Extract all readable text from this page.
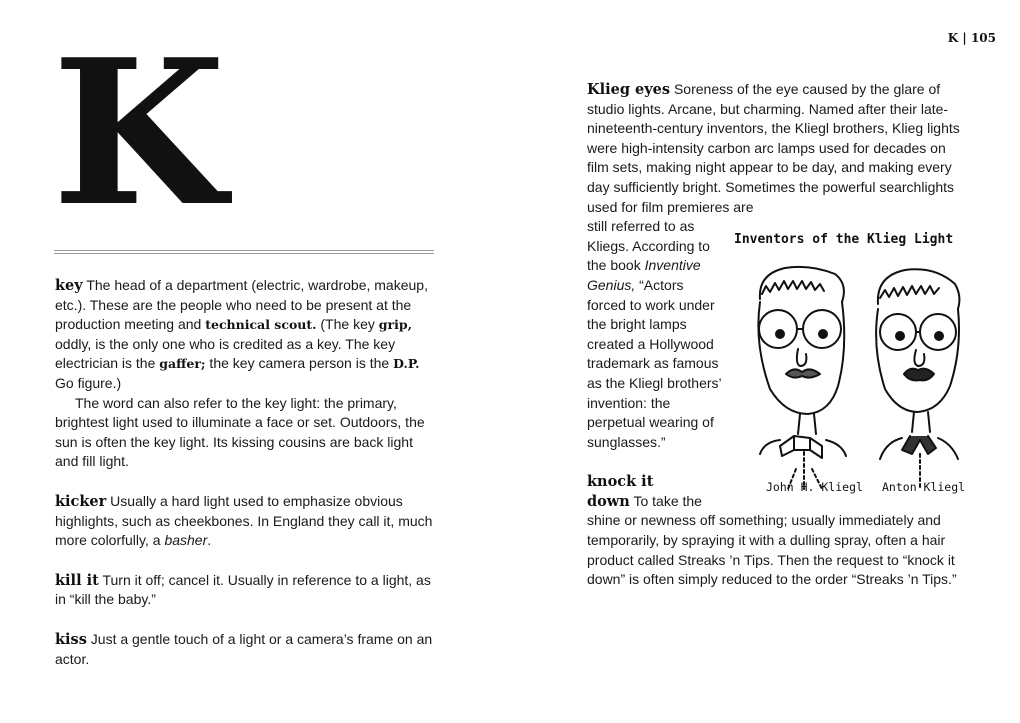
K | 105
K

key The head of a department (electric, wardrobe, makeup, etc.). These are the people who need to be present at the production meeting and technical scout. (The key grip, oddly, is the only one who is credited as a key. The key electrician is the gaffer; the key camera person is the D.P. Go figure.)

The word can also refer to the key light: the primary, brightest light used to illuminate a face or set. Outdoors, the sun is often the key light. Its kissing cousins are back light and fill light.

kicker Usually a hard light used to emphasize obvious highlights, such as cheekbones. In England they call it, much more colorfully, a basher.

kill it Turn it off; cancel it. Usually in reference to a light, as in “kill the baby.”

kiss Just a gentle touch of a light or a camera’s frame on an actor.

Klieg eyes Soreness of the eye caused by the glare of studio lights. Arcane, but charming. Named after their late-nineteenth-century inventors, the Kliegl brothers, Klieg lights were high-intensity carbon arc lamps used for decades on film sets, making night appear to be day, and making every day sufficiently bright. Sometimes the powerful searchlights used for film premieres are

still referred to as
Kliegs. According to
the book Inventive
Genius, “Actors
forced to work under
the bright lamps
created a Hollywood
trademark as famous
as the Kliegl brothers’
invention: the
perpetual wearing of
sunglasses.”
knock it
down To take the

shine or newness off something; usually immediately and temporarily, by spraying it with a dulling spray, often a hair product called Streaks ’n Tips. Then the request to “knock it down” is often simply reduced to the order “Streaks ’n Tips.”

Inventors of the Klieg Light
John H. Kliegl Anton Kliegl
